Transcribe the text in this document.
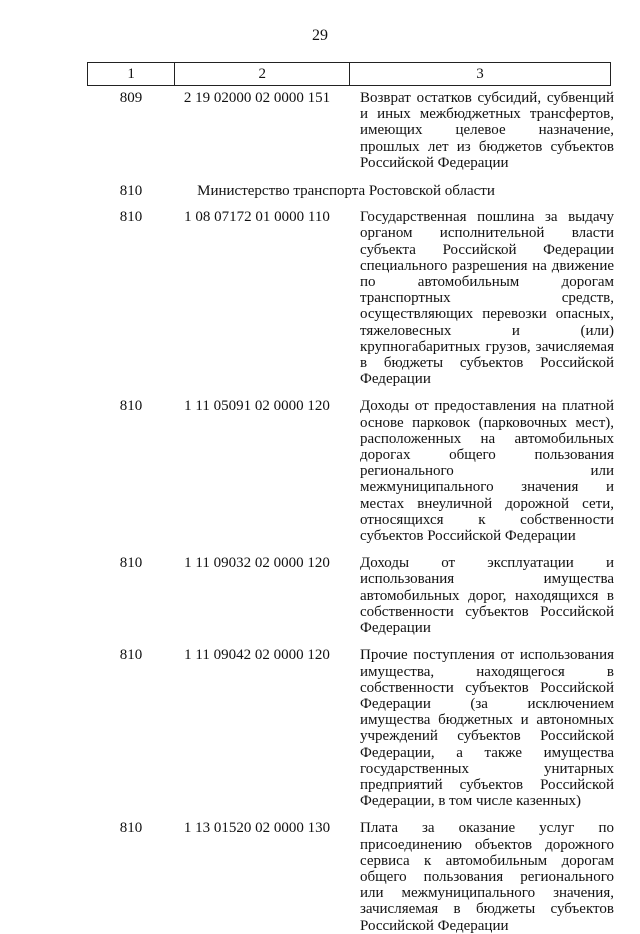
29
1	2	3
809	2 19 02000 02 0000 151	Возврат остатков субсидий, субвенций и иных межбюджетных трансфертов, имеющих целевое назначение, прошлых лет из бюджетов субъектов Российской Федерации
810	Министерство транспорта Ростовской области
810	1 08 07172 01 0000 110	Государственная пошлина за выдачу органом исполнительной власти субъекта Российской Федерации специального разрешения на движение по автомобильным дорогам транспортных средств, осуществляющих перевозки опасных, тяжеловесных и (или) крупногабаритных грузов, зачисляемая в бюджеты субъектов Российской Федерации
810	1 11 05091 02 0000 120	Доходы от предоставления на платной основе парковок (парковочных мест), расположенных на автомобильных дорогах общего пользования регионального или межмуниципального значения и местах внеуличной дорожной сети, относящихся к собственности субъектов Российской Федерации
810	1 11 09032 02 0000 120	Доходы от эксплуатации и использования имущества автомобильных дорог, находящихся в собственности субъектов Российской Федерации
810	1 11 09042 02 0000 120	Прочие поступления от использования имущества, находящегося в собственности субъектов Российской Федерации (за исключением имущества бюджетных и автономных учреждений субъектов Российской Федерации, а также имущества государственных унитарных предприятий субъектов Российской Федерации, в том числе казенных)
810	1 13 01520 02 0000 130	Плата за оказание услуг по присоединению объектов дорожного сервиса к автомобильным дорогам общего пользования регионального или межмуниципального значения, зачисляемая в бюджеты субъектов Российской Федерации
